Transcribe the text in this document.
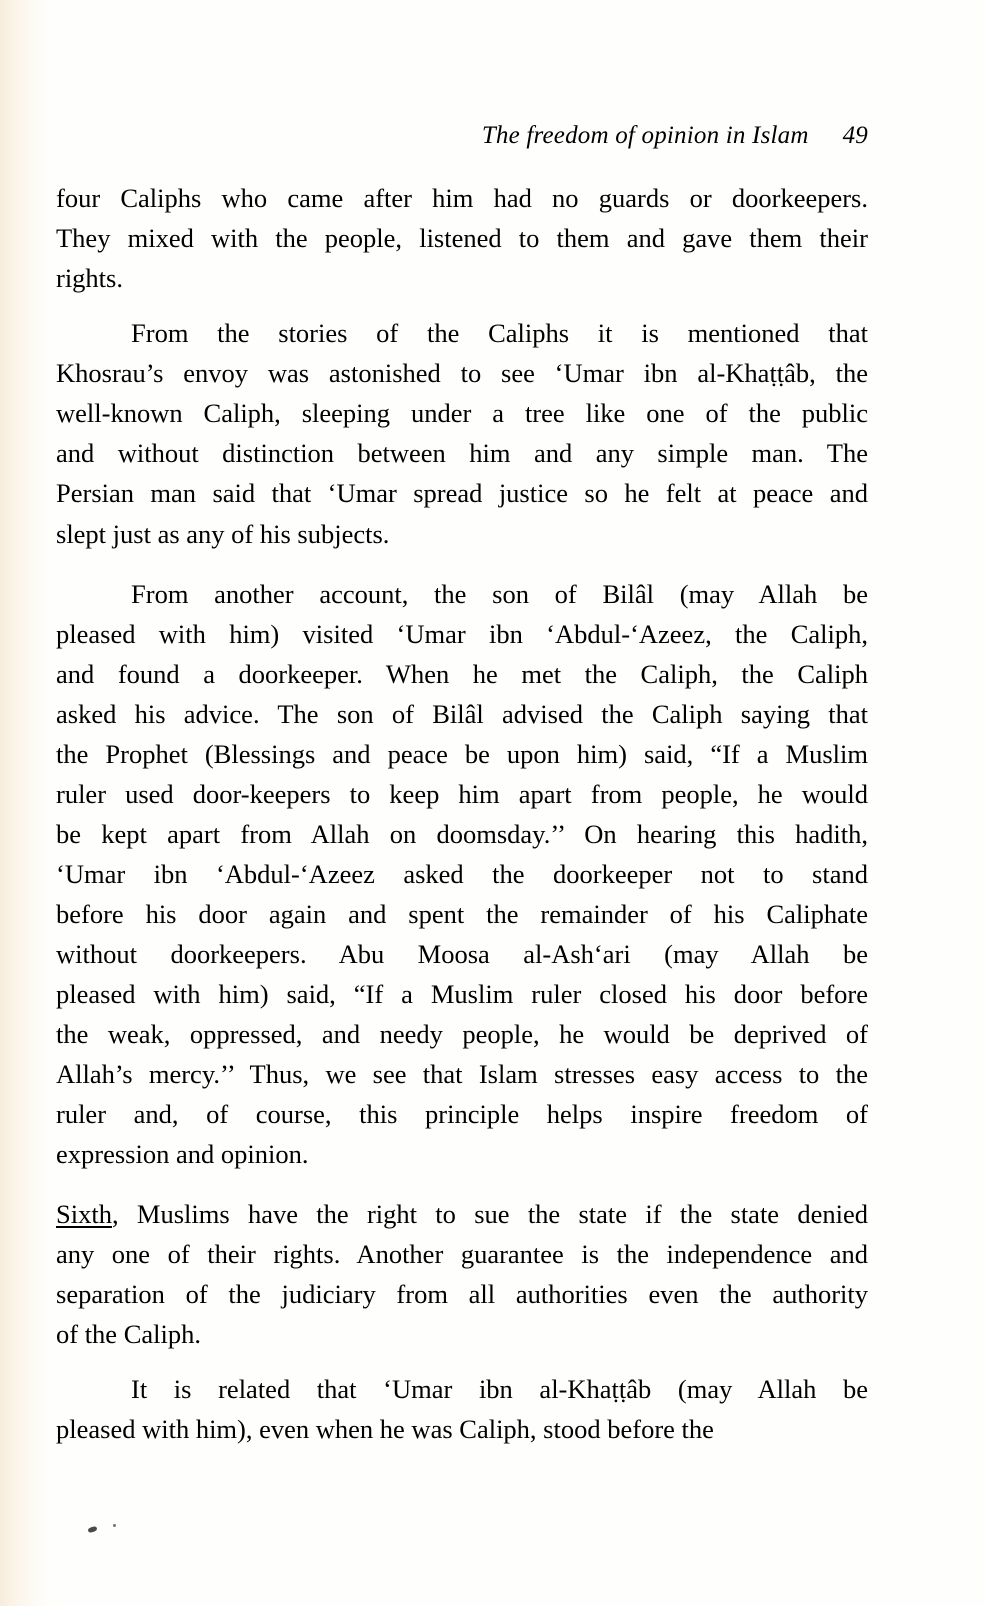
The freedom of opinion in Islam 49

four Caliphs who came after him had no guards or doorkeepers.
They mixed with the people, listened to them and gave them their
rights.

From the stories of the Caliphs it is mentioned that
Khosrau’s envoy was astonished to see ‘Umar ibn al-Khaṭṭâb, the
well-known Caliph, sleeping under a tree like one of the public
and without distinction between him and any simple man. The
Persian man said that ‘Umar spread justice so he felt at peace and
slept just as any of his subjects.

From another account, the son of Bilâl (may Allah be
pleased with him) visited ‘Umar ibn ‘Abdul-‘Azeez, the Caliph,
and found a doorkeeper. When he met the Caliph, the Caliph
asked his advice. The son of Bilâl advised the Caliph saying that
the Prophet (Blessings and peace be upon him) said, “If a Muslim
ruler used door-keepers to keep him apart from people, he would
be kept apart from Allah on doomsday.’’ On hearing this hadith,
‘Umar ibn ‘Abdul-‘Azeez asked the doorkeeper not to stand
before his door again and spent the remainder of his Caliphate
without doorkeepers. Abu Moosa al-Ash‘ari (may Allah be
pleased with him) said, “If a Muslim ruler closed his door before
the weak, oppressed, and needy people, he would be deprived of
Allah’s mercy.’’ Thus, we see that Islam stresses easy access to the
ruler and, of course, this principle helps inspire freedom of
expression and opinion.

Sixth, Muslims have the right to sue the state if the state denied
any one of their rights. Another guarantee is the independence and
separation of the judiciary from all authorities even the authority
of the Caliph.

It is related that ‘Umar ibn al-Khaṭṭâb (may Allah be
pleased with him), even when he was Caliph, stood before the
